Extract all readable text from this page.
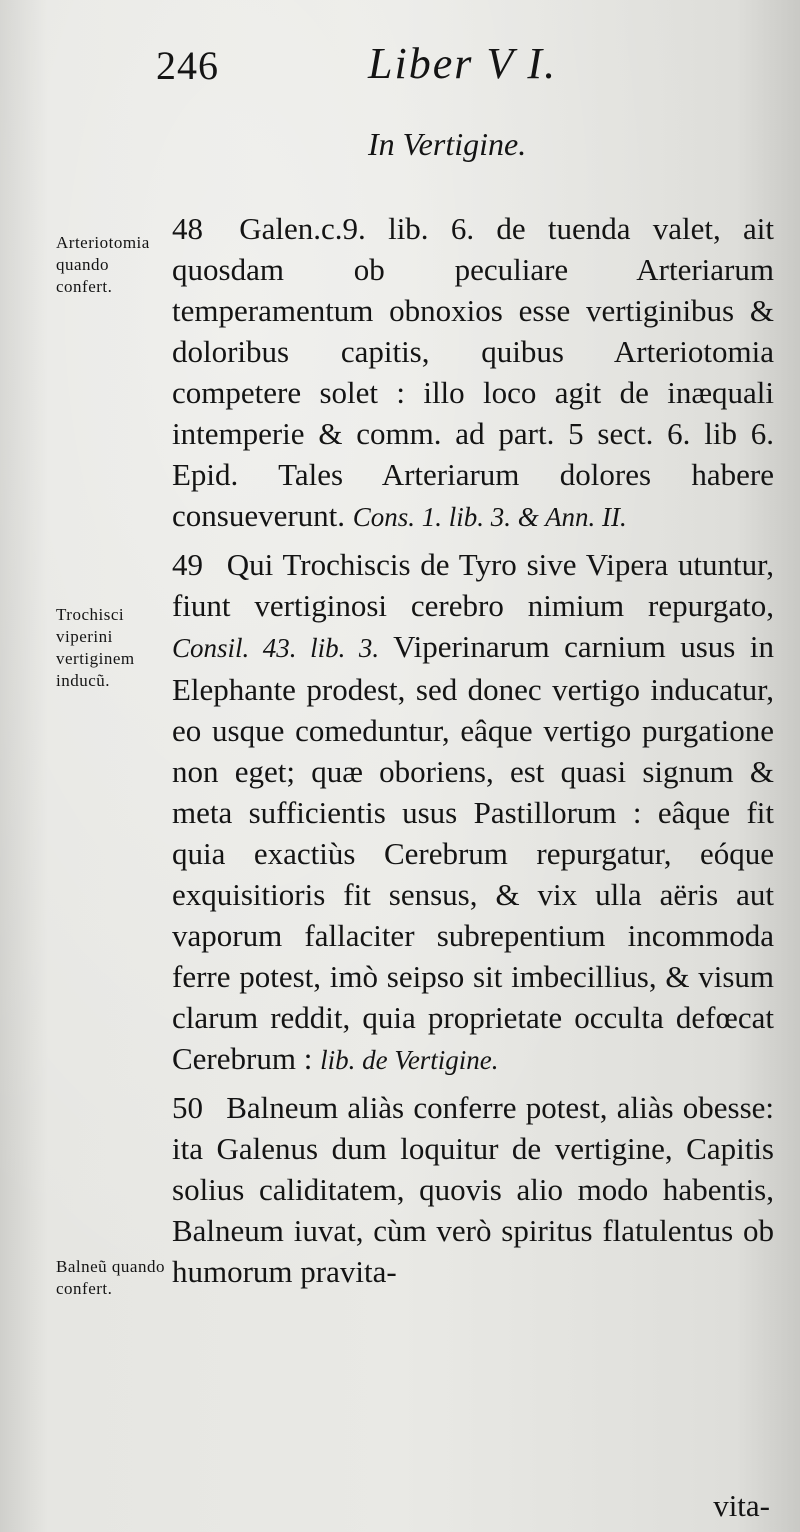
246	Liber V I.
In Vertigine.
Arteriotomia quando confert.
Trochisci viperini vertiginem inducũ.
Balneũ quando confert.

48 Galen.c.9. lib. 6. de tuenda valet, ait quosdam ob peculiare Arteriarum temperamentum obnoxios esse vertiginibus & doloribus capitis, quibus Arteriotomia competere solet : illo loco agit de inæquali intemperie & comm. ad part. 5 sect. 6. lib 6. Epid. Tales Arteriarum dolores habere consueverunt. Cons. 1. lib. 3. & Ann. II.

49 Qui Trochiscis de Tyro sive Vipera utuntur, fiunt vertiginosi cerebro nimium repurgato, Consil. 43. lib. 3. Viperinarum carnium usus in Elephante prodest, sed donec vertigo inducatur, eo usque comeduntur, eâque vertigo purgatione non eget; quæ oboriens, est quasi signum & meta sufficientis usus Pastillorum : eâque fit quia exactiùs Cerebrum repurgatur, eóque exquisitioris fit sensus, & vix ulla aëris aut vaporum fallaciter subrepentium incommoda ferre potest, imò seipso sit imbecillius, & visum clarum reddit, quia proprietate occulta defœcat Cerebrum : lib. de Vertigine.

50 Balneum aliàs conferre potest, aliàs obesse: ita Galenus dum loquitur de vertigine, Capitis solius caliditatem, quovis alio modo habentis, Balneum iuvat, cùm verò spiritus flatulentus ob humorum pravita-

vita-
